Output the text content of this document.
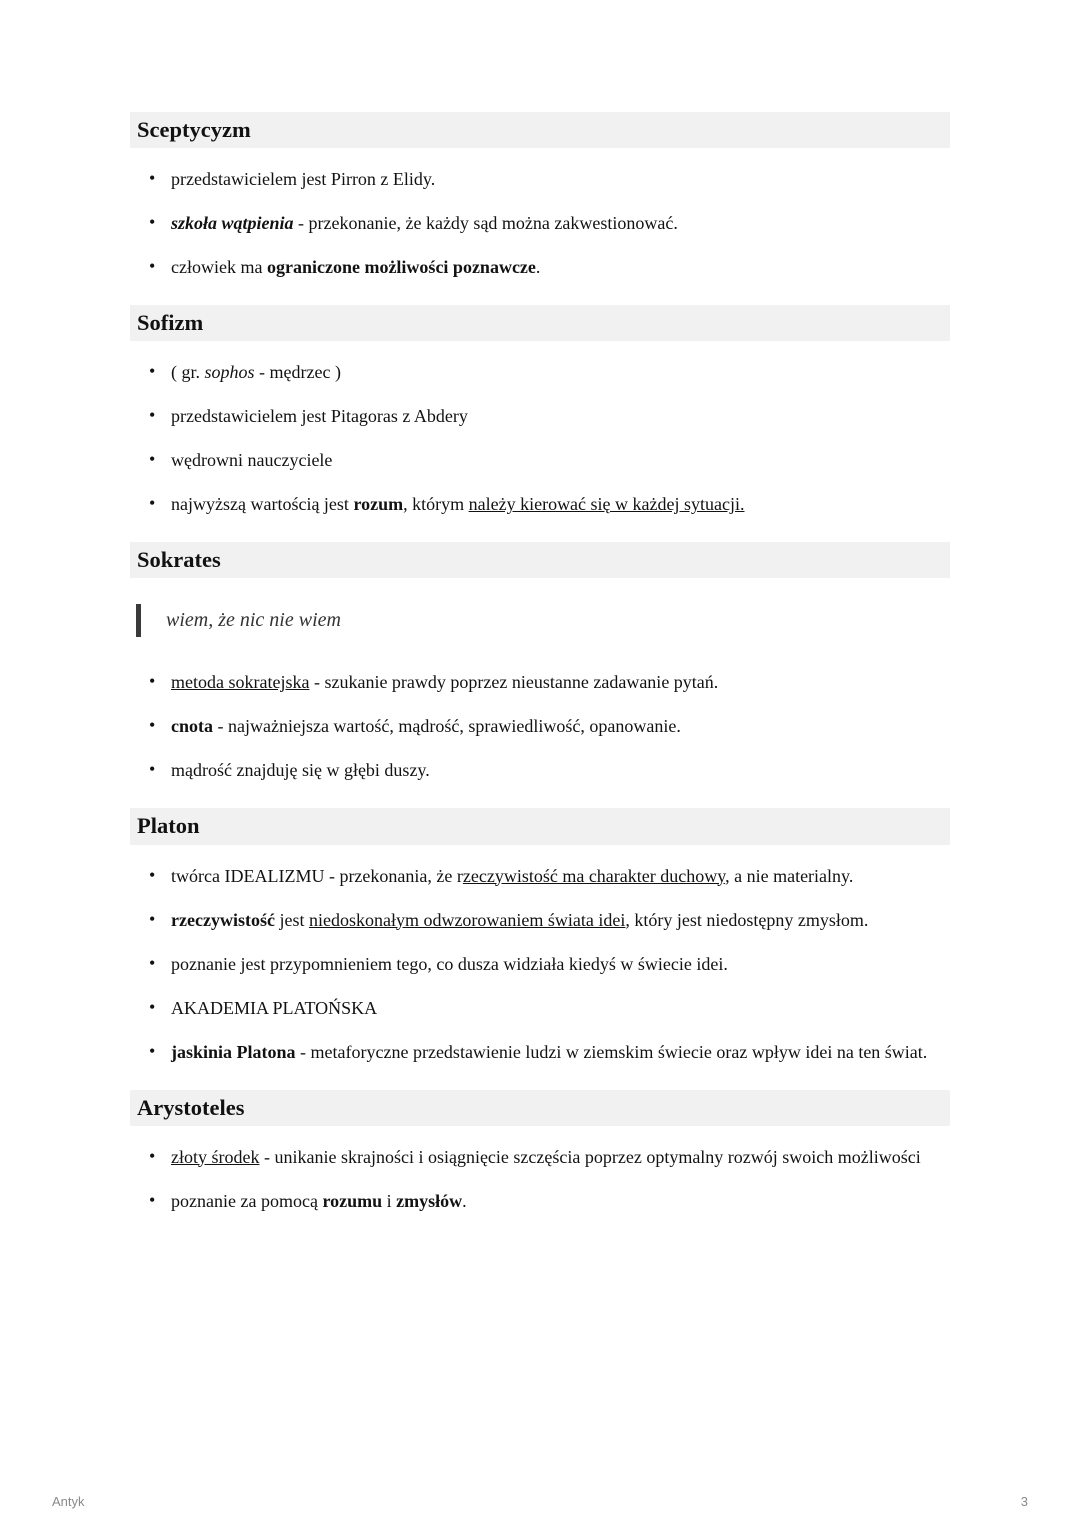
Sceptycyzm
• przedstawicielem jest Pirron z Elidy.
• szkoła wątpienia - przekonanie, że każdy sąd można zakwestionować.
• człowiek ma ograniczone możliwości poznawcze.
Sofizm
• ( gr. sophos - mędrzec )
• przedstawicielem jest Pitagoras z Abdery
• wędrowni nauczyciele
• najwyższą wartością jest rozum, którym należy kierować się w każdej sytuacji.
Sokrates
wiem, że nic nie wiem
• metoda sokratejska - szukanie prawdy poprzez nieustanne zadawanie pytań.
• cnota - najważniejsza wartość, mądrość, sprawiedliwość, opanowanie.
• mądrość znajduję się w głębi duszy.
Platon
• twórca IDEALIZMU - przekonania, że rzeczywistość ma charakter duchowy, a nie materialny.
• rzeczywistość jest niedoskonałym odwzorowaniem świata idei, który jest niedostępny zmysłom.
• poznanie jest przypomnieniem tego, co dusza widziała kiedyś w świecie idei.
• AKADEMIA PLATOŃSKA
• jaskinia Platona - metaforyczne przedstawienie ludzi w ziemskim świecie oraz wpływ idei na ten świat.
Arystoteles
• złoty środek - unikanie skrajności i osiągnięcie szczęścia poprzez optymalny rozwój swoich możliwości
• poznanie za pomocą rozumu i zmysłów.
Antyk	3
